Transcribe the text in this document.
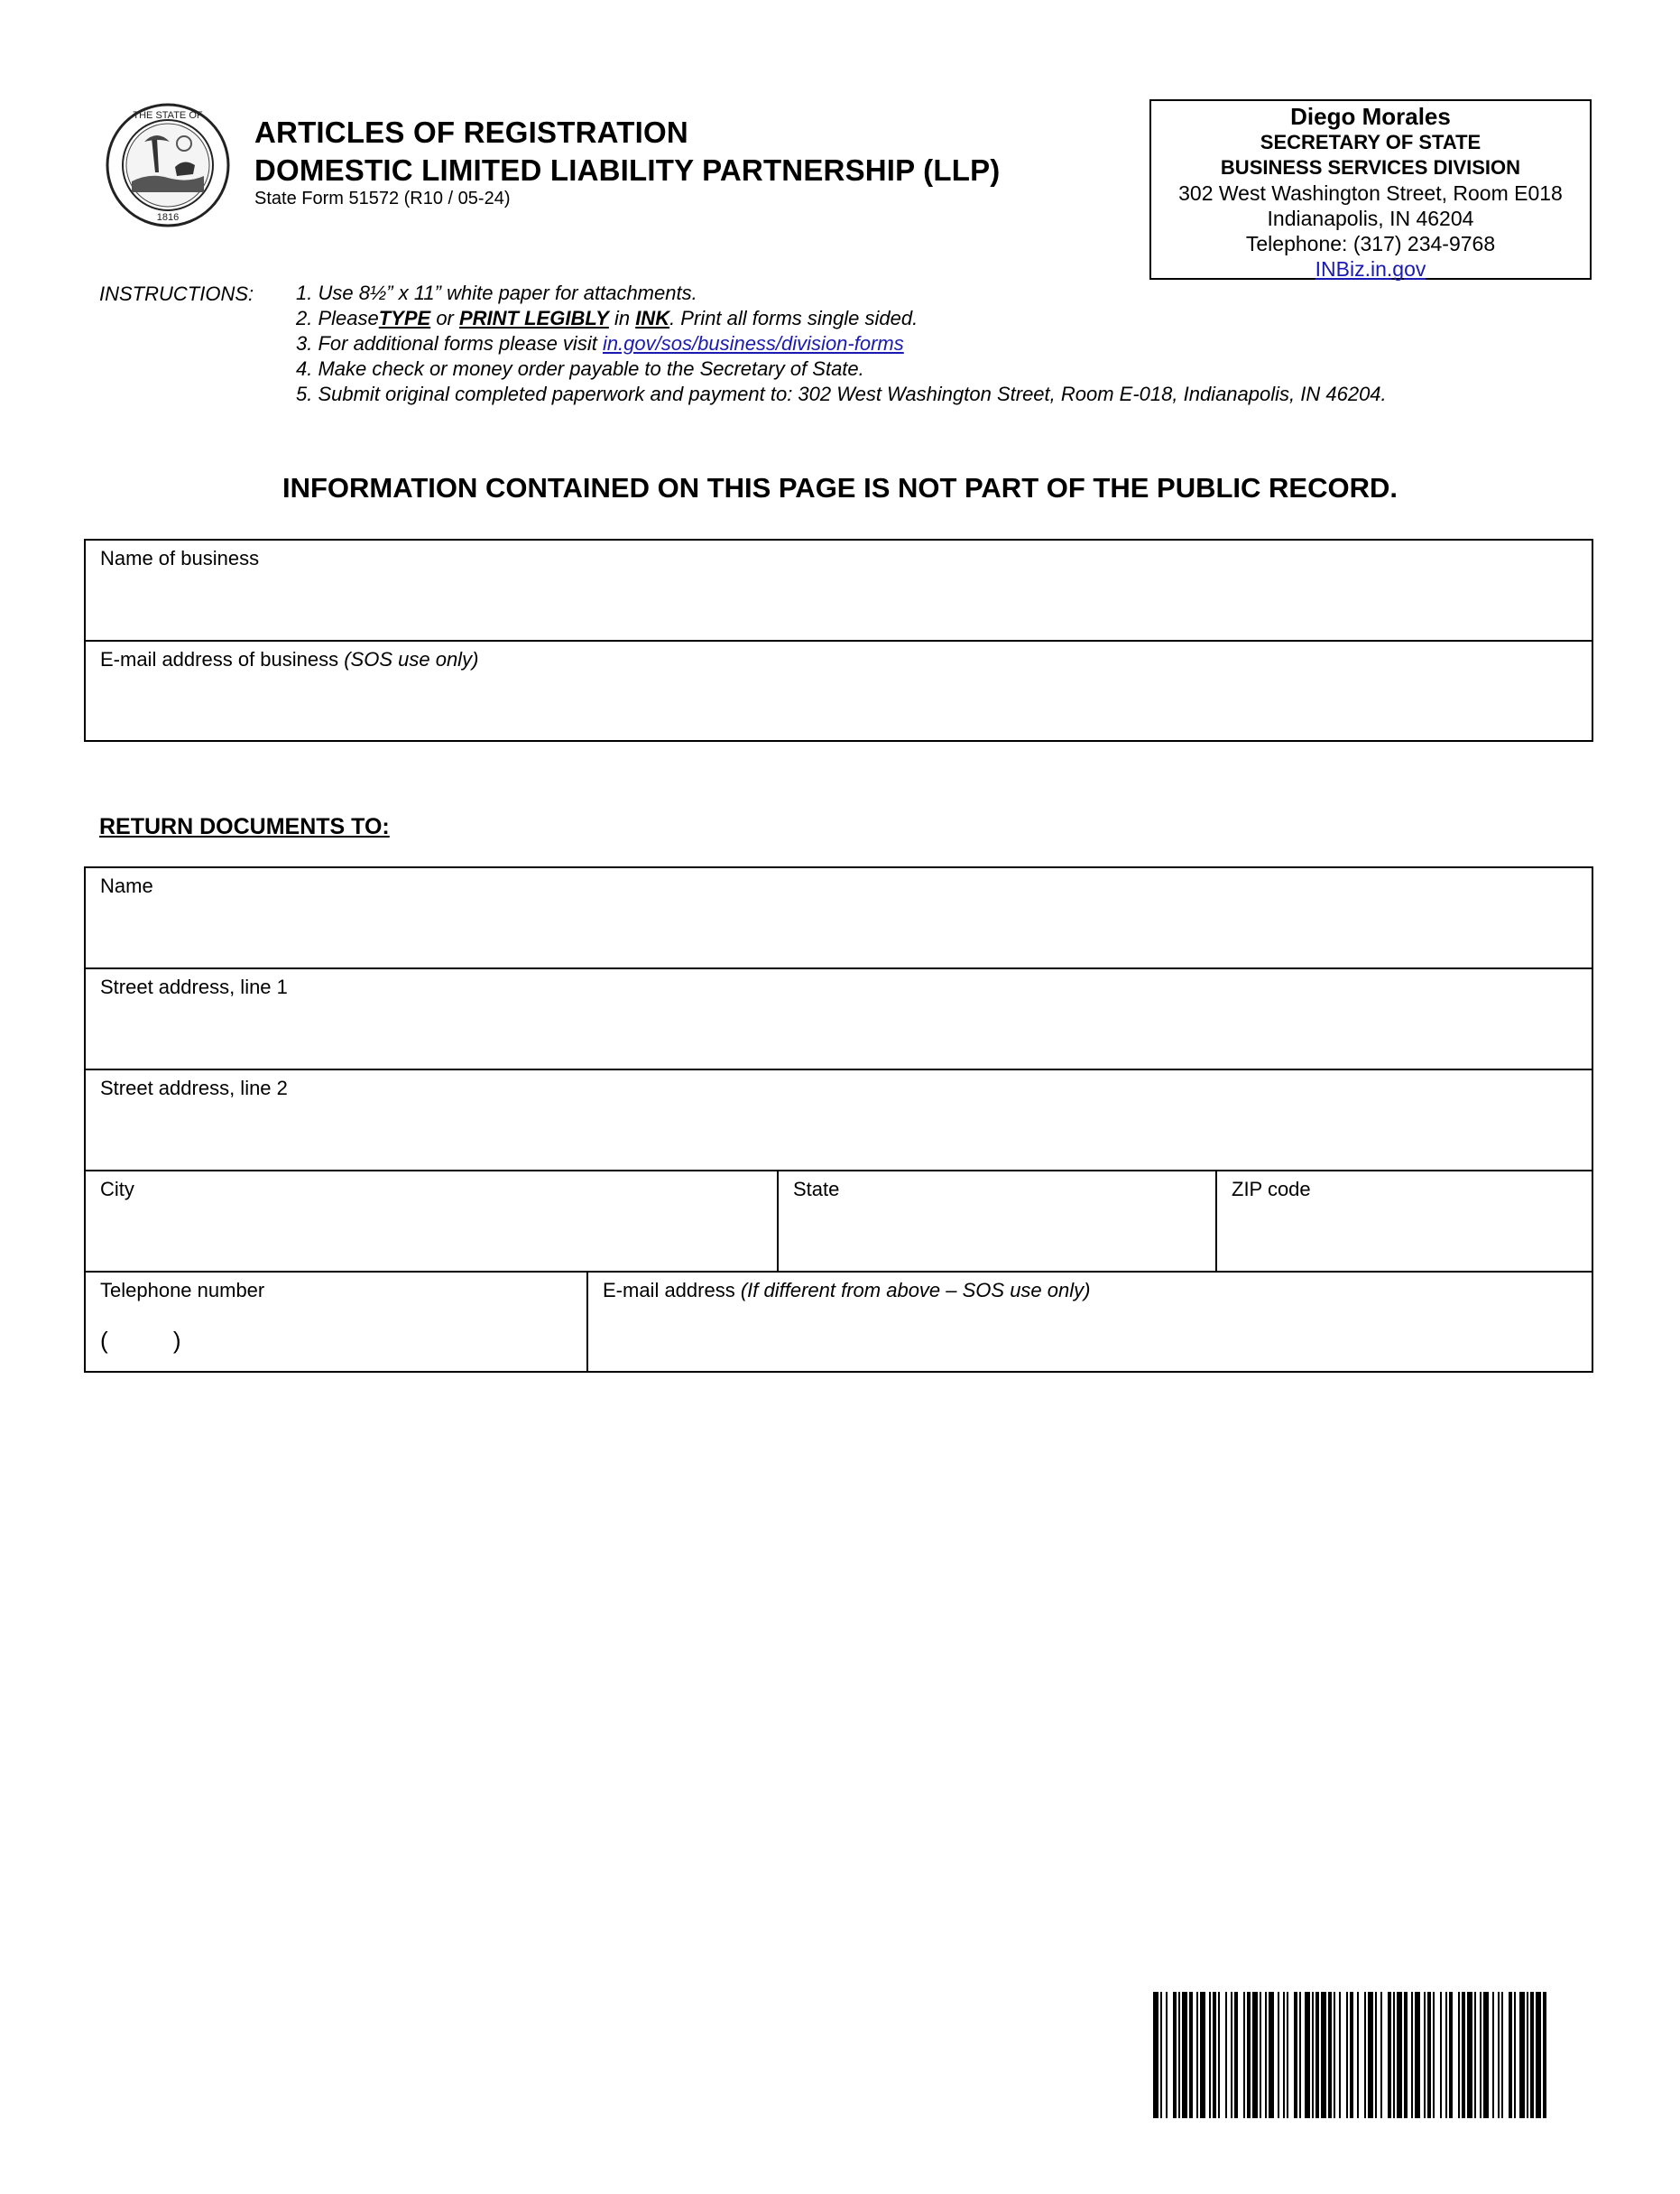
THE STATE OF
1816
ARTICLES OF REGISTRATION
DOMESTIC LIMITED LIABILITY PARTNERSHIP (LLP)
State Form 51572 (R10 / 05-24)
Diego Morales
SECRETARY OF STATE
BUSINESS SERVICES DIVISION
302 West Washington Street, Room E018
Indianapolis, IN 46204
Telephone: (317) 234-9768
INBiz.in.gov
INSTRUCTIONS: 1. Use 8½” x 11” white paper for attachments.
2. PleaseTYPE or PRINT LEGIBLY in INK. Print all forms single sided.
3. For additional forms please visit in.gov/sos/business/division-forms
4. Make check or money order payable to the Secretary of State.
5. Submit original completed paperwork and payment to: 302 West Washington Street, Room E-018, Indianapolis, IN 46204.
INFORMATION CONTAINED ON THIS PAGE IS NOT PART OF THE PUBLIC RECORD.
Name of business
E-mail address of business (SOS use only)
RETURN DOCUMENTS TO:
Name
Street address, line 1
Street address, line 2
City	State	ZIP code
Telephone number
(          )
E-mail address (If different from above – SOS use only)
